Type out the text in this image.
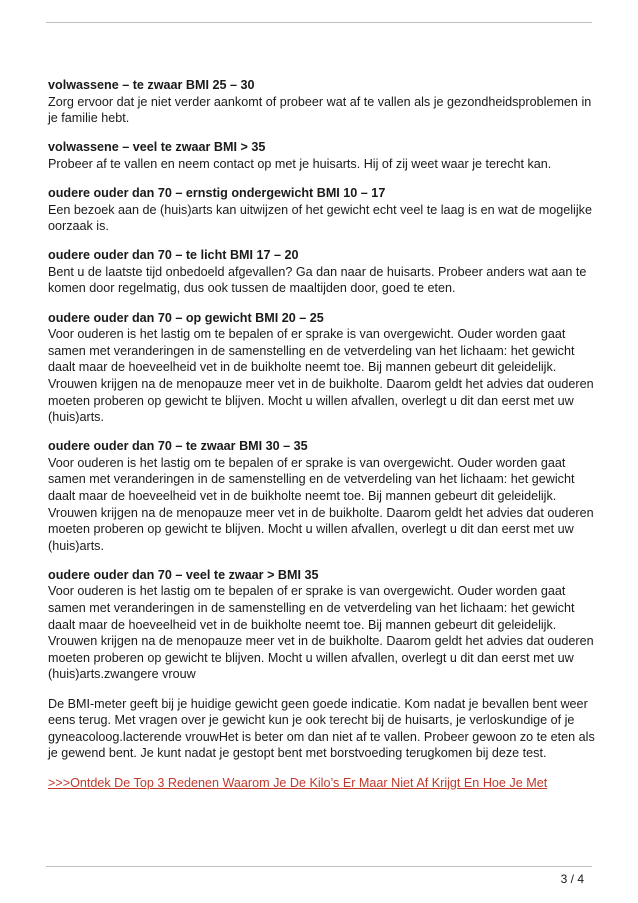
volwassene – te zwaar BMI 25 – 30

Zorg ervoor dat je niet verder aankomt of probeer wat af te vallen als je gezondheidsproblemen in je familie hebt.

volwassene – veel te zwaar BMI > 35

Probeer af te vallen en neem contact op met je huisarts. Hij of zij weet waar je terecht kan.

oudere ouder dan 70 – ernstig ondergewicht BMI 10 – 17

Een bezoek aan de (huis)arts kan uitwijzen of het gewicht echt veel te laag is en wat de mogelijke oorzaak is.

oudere ouder dan 70 – te licht BMI 17 – 20

Bent u de laatste tijd onbedoeld afgevallen? Ga dan naar de huisarts. Probeer anders wat aan te komen door regelmatig, dus ook tussen de maaltijden door, goed te eten.

oudere ouder dan 70 – op gewicht BMI 20 – 25

Voor ouderen is het lastig om te bepalen of er sprake is van overgewicht. Ouder worden gaat samen met veranderingen in de samenstelling en de vetverdeling van het lichaam: het gewicht daalt maar de hoeveelheid vet in de buikholte neemt toe. Bij mannen gebeurt dit geleidelijk. Vrouwen krijgen na de menopauze meer vet in de buikholte. Daarom geldt het advies dat ouderen moeten proberen op gewicht te blijven. Mocht u willen afvallen, overlegt u dit dan eerst met uw (huis)arts.

oudere ouder dan 70 – te zwaar BMI 30 – 35

Voor ouderen is het lastig om te bepalen of er sprake is van overgewicht. Ouder worden gaat samen met veranderingen in de samenstelling en de vetverdeling van het lichaam: het gewicht daalt maar de hoeveelheid vet in de buikholte neemt toe. Bij mannen gebeurt dit geleidelijk. Vrouwen krijgen na de menopauze meer vet in de buikholte. Daarom geldt het advies dat ouderen moeten proberen op gewicht te blijven. Mocht u willen afvallen, overlegt u dit dan eerst met uw (huis)arts.

oudere ouder dan 70 – veel te zwaar > BMI 35

Voor ouderen is het lastig om te bepalen of er sprake is van overgewicht. Ouder worden gaat samen met veranderingen in de samenstelling en de vetverdeling van het lichaam: het gewicht daalt maar de hoeveelheid vet in de buikholte neemt toe. Bij mannen gebeurt dit geleidelijk. Vrouwen krijgen na de menopauze meer vet in de buikholte. Daarom geldt het advies dat ouderen moeten proberen op gewicht te blijven. Mocht u willen afvallen, overlegt u dit dan eerst met uw (huis)arts.zwangere vrouw

De BMI-meter geeft bij je huidige gewicht geen goede indicatie. Kom nadat je bevallen bent weer eens terug. Met vragen over je gewicht kun je ook terecht bij de huisarts, je verloskundige of je gyneacoloog.lacterende vrouwHet is beter om dan niet af te vallen. Probeer gewoon zo te eten als je gewend bent. Je kunt nadat je gestopt bent met borstvoeding terugkomen bij deze test.

>>>Ontdek De Top 3 Redenen Waarom Je De Kilo’s Er Maar Niet Af Krijgt En Hoe Je Met
3 / 4
